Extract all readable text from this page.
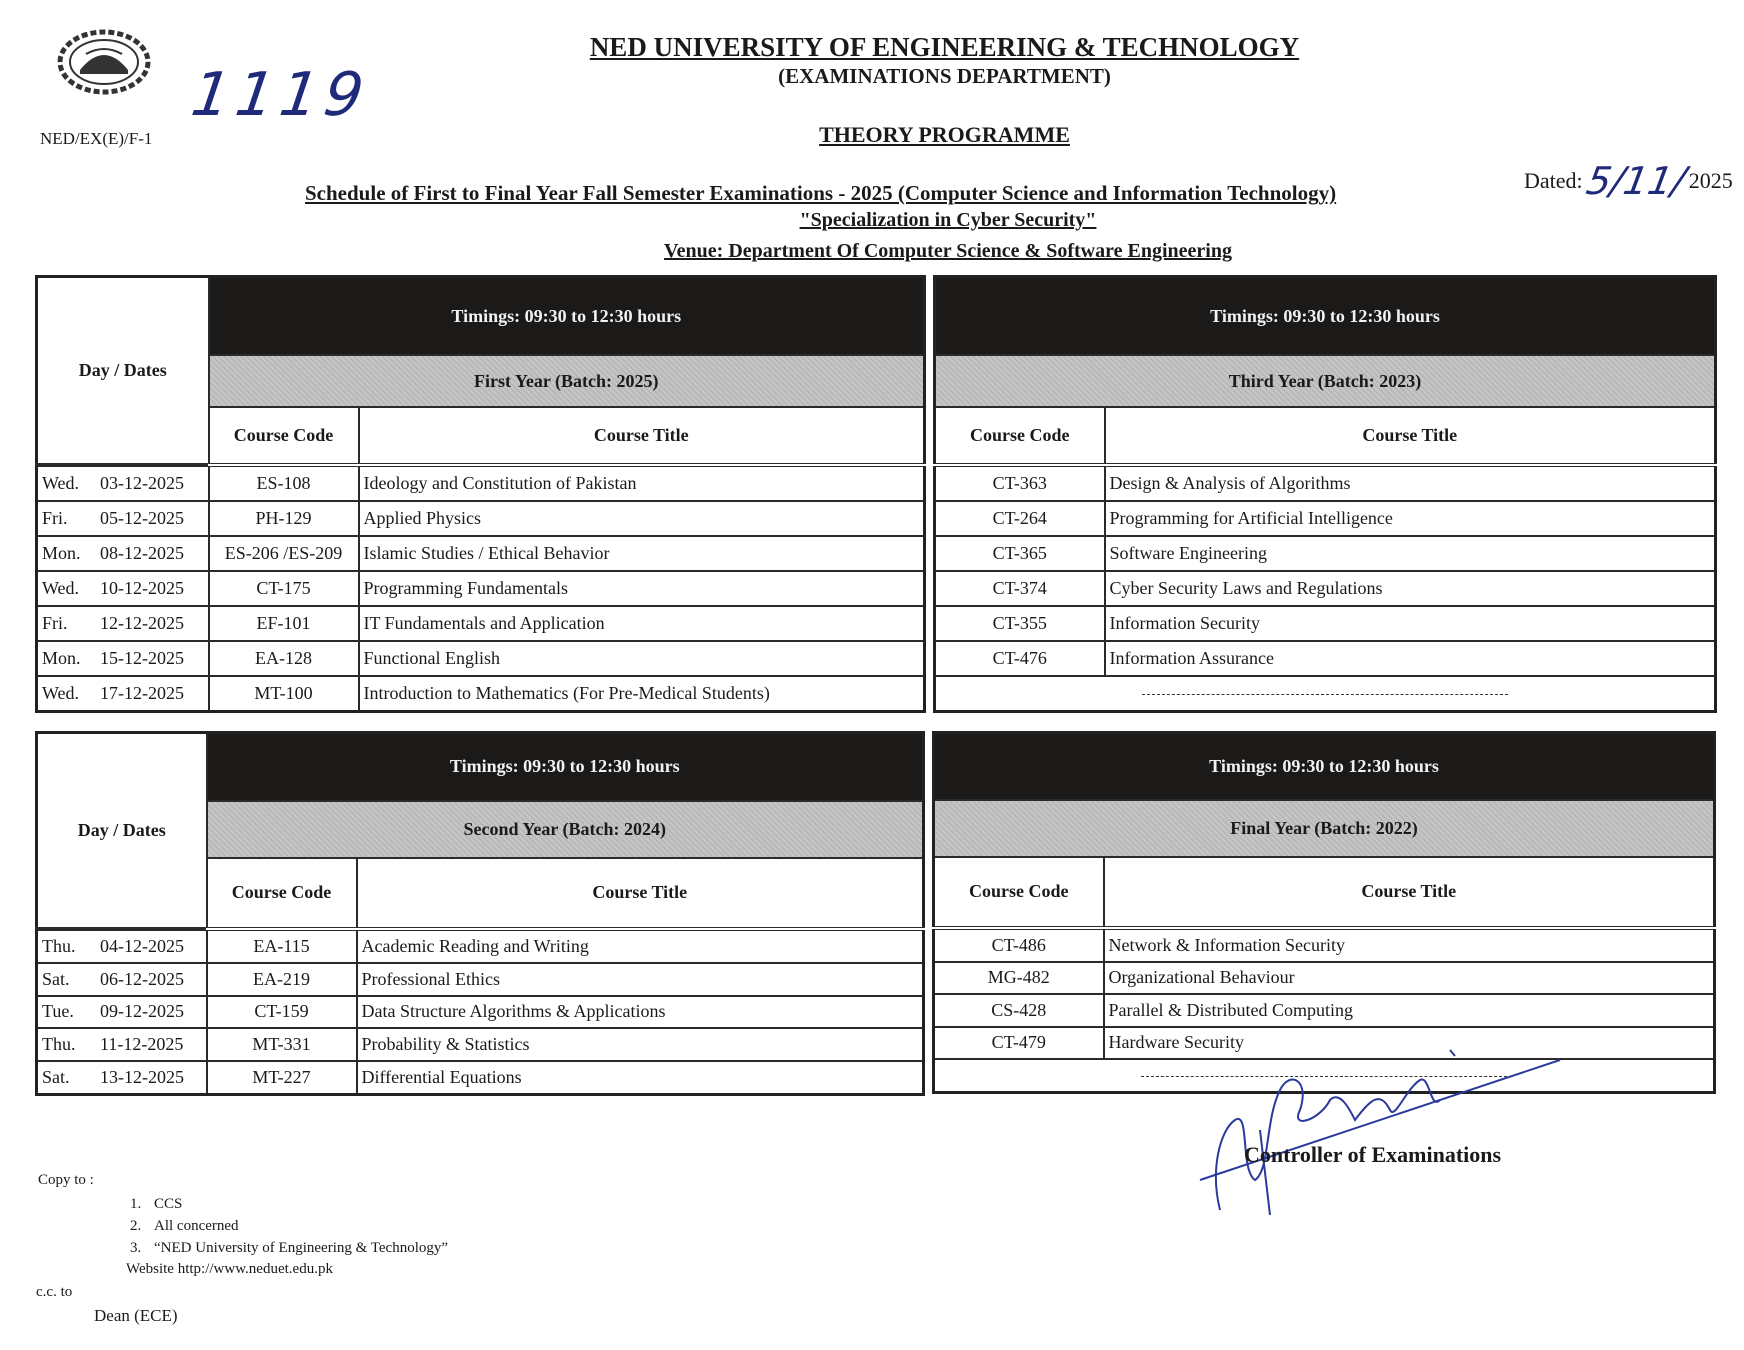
NED/EX(E)/F-1
1119
NED UNIVERSITY OF ENGINEERING & TECHNOLOGY
(EXAMINATIONS DEPARTMENT)
THEORY PROGRAMME
Dated:5/11/2025
Schedule of First to Final Year Fall Semester Examinations - 2025 (Computer Science and Information Technology)
"Specialization in Cyber Security"
Venue: Department Of Computer Science & Software Engineering
Day / Dates	Timings: 09:30 to 12:30 hours	
	First Year (Batch: 2025)	
	Course Code	Course Title
Wed. 03-12-2025	ES-108	Ideology and Constitution of Pakistan
Fri. 05-12-2025	PH-129	Applied Physics
Mon. 08-12-2025	ES-206 /ES-209	Islamic Studies / Ethical Behavior
Wed. 10-12-2025	CT-175	Programming Fundamentals
Fri. 12-12-2025	EF-101	IT Fundamentals and Application
Mon. 15-12-2025	EA-128	Functional English
Wed. 17-12-2025	MT-100	Introduction to Mathematics (For Pre-Medical Students)
Timings: 09:30 to 12:30 hours	
Third Year (Batch: 2023)	
Course Code	Course Title
CT-363	Design & Analysis of Algorithms
CT-264	Programming for Artificial Intelligence
CT-365	Software Engineering
CT-374	Cyber Security Laws and Regulations
CT-355	Information Security
CT-476	Information Assurance

Day / Dates	Timings: 09:30 to 12:30 hours	
	Second Year (Batch: 2024)	
	Course Code	Course Title
Thu. 04-12-2025	EA-115	Academic Reading and Writing
Sat. 06-12-2025	EA-219	Professional Ethics
Tue. 09-12-2025	CT-159	Data Structure Algorithms & Applications
Thu. 11-12-2025	MT-331	Probability & Statistics
Sat. 13-12-2025	MT-227	Differential Equations
Timings: 09:30 to 12:30 hours	
Final Year (Batch: 2022)	
Course Code	Course Title
CT-486	Network & Information Security
MG-482	Organizational Behaviour
CS-428	Parallel & Distributed Computing
CT-479	Hardware Security

Controller of Examinations
Copy to :
1. CCS
2. All concerned
3. “NED University of Engineering & Technology”
Website http://www.neduet.edu.pk
c.c. to
Dean (ECE)
